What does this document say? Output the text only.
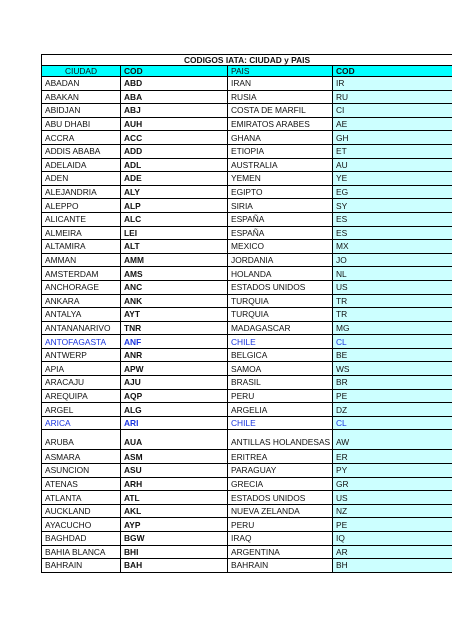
CODIGOS IATA: CIUDAD y PAIS			
CIUDAD	COD	PAIS	COD
ABADAN	ABD	IRAN	IR
ABAKAN	ABA	RUSIA	RU
ABIDJAN	ABJ	COSTA DE MARFIL	CI
ABU DHABI	AUH	EMIRATOS ARABES	AE
ACCRA	ACC	GHANA	GH
ADDIS ABABA	ADD	ETIOPIA	ET
ADELAIDA	ADL	AUSTRALIA	AU
ADEN	ADE	YEMEN	YE
ALEJANDRIA	ALY	EGIPTO	EG
ALEPPO	ALP	SIRIA	SY
ALICANTE	ALC	ESPAÑA	ES
ALMEIRA	LEI	ESPAÑA	ES
ALTAMIRA	ALT	MEXICO	MX
AMMAN	AMM	JORDANIA	JO
AMSTERDAM	AMS	HOLANDA	NL
ANCHORAGE	ANC	ESTADOS UNIDOS	US
ANKARA	ANK	TURQUIA	TR
ANTALYA	AYT	TURQUIA	TR
ANTANANARIVO	TNR	MADAGASCAR	MG
ANTOFAGASTA	ANF	CHILE	CL
ANTWERP	ANR	BELGICA	BE
APIA	APW	SAMOA	WS
ARACAJU	AJU	BRASIL	BR
AREQUIPA	AQP	PERU	PE
ARGEL	ALG	ARGELIA	DZ
ARICA	ARI	CHILE	CL
ARUBA	AUA	ANTILLAS HOLANDESAS	AW
ASMARA	ASM	ERITREA	ER
ASUNCION	ASU	PARAGUAY	PY
ATENAS	ARH	GRECIA	GR
ATLANTA	ATL	ESTADOS UNIDOS	US
AUCKLAND	AKL	NUEVA ZELANDA	NZ
AYACUCHO	AYP	PERU	PE
BAGHDAD	BGW	IRAQ	IQ
BAHIA BLANCA	BHI	ARGENTINA	AR
BAHRAIN	BAH	BAHRAIN	BH
